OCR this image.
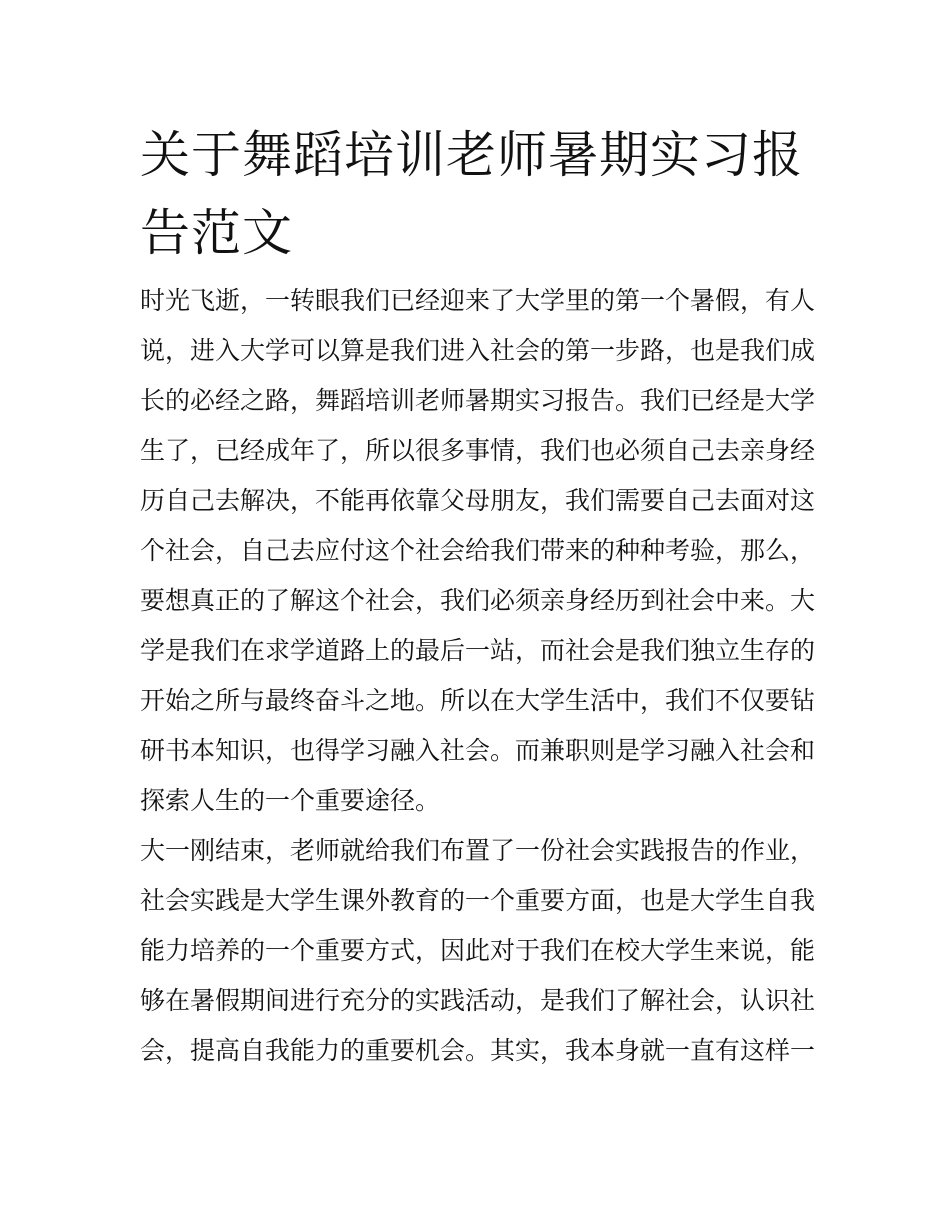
关于舞蹈培训老师暑期实习报
告范文
时光飞逝，一转眼我们已经迎来了大学里的第一个暑假，有人
说，进入大学可以算是我们进入社会的第一步路，也是我们成
长的必经之路，舞蹈培训老师暑期实习报告。我们已经是大学
生了，已经成年了，所以很多事情，我们也必须自己去亲身经
历自己去解决，不能再依靠父母朋友，我们需要自己去面对这
个社会，自己去应付这个社会给我们带来的种种考验，那么，
要想真正的了解这个社会，我们必须亲身经历到社会中来。大
学是我们在求学道路上的最后一站，而社会是我们独立生存的
开始之所与最终奋斗之地。所以在大学生活中，我们不仅要钻
研书本知识，也得学习融入社会。而兼职则是学习融入社会和
探索人生的一个重要途径。
大一刚结束，老师就给我们布置了一份社会实践报告的作业，
社会实践是大学生课外教育的一个重要方面，也是大学生自我
能力培养的一个重要方式，因此对于我们在校大学生来说，能
够在暑假期间进行充分的实践活动，是我们了解社会，认识社
会，提高自我能力的重要机会。其实，我本身就一直有这样一
